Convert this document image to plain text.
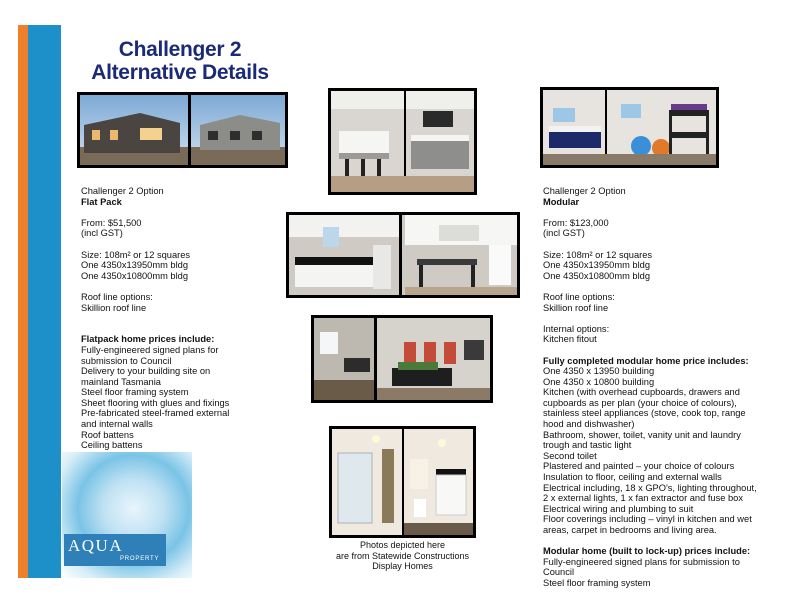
Challenger 2
Alternative Details

Challenger 2 Option

Flat Pack

From: $51,500

(incl GST)

Size: 108m² or 12 squares

One 4350x13950mm bldg

One 4350x10800mm bldg

Roof line options:

Skillion roof line

Flatpack home prices include:

Fully-engineered signed plans for

submission to Council

Delivery to your building site on

mainland Tasmania

Steel floor framing system

Sheet flooring with glues and fixings

Pre-fabricated steel-framed external

and internal walls

Roof battens

Ceiling battens

Challenger 2 Option

Modular

From: $123,000

(incl GST)

Size: 108m² or 12 squares

One 4350x13950mm bldg

One 4350x10800mm bldg

Roof line options:

Skillion roof line

Internal options:

Kitchen fitout

Fully completed modular home price includes:

One 4350 x 13950 building

One 4350 x 10800 building

Kitchen (with overhead cupboards, drawers and

cupboards as per plan (your choice of colours),

stainless steel appliances (stove, cook top, range

hood and dishwasher)

Bathroom, shower, toilet, vanity unit and laundry

trough and tastic light

Second toilet

Plastered and painted – your choice of colours

Insulation to floor, ceiling and external walls

Electrical including, 18 x GPO's, lighting throughout,

2 x external lights, 1 x fan extractor and fuse box

Electrical wiring and plumbing to suit

Floor coverings including – vinyl in kitchen and wet

areas, carpet in bedrooms and living area.

Modular home (built to lock-up) prices include:

Fully-engineered signed plans for submission to

Council

Steel floor framing system

Photos depicted here
are from Statewide Constructions
Display Homes
AQUA
PROPERTY
